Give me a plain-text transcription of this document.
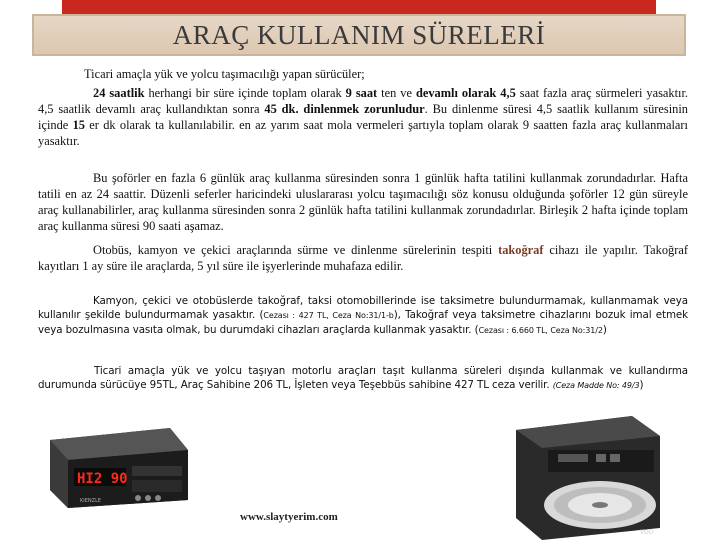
ARAÇ KULLANIM SÜRELERİ
Ticari amaçla yük ve yolcu taşımacılığı yapan sürücüler;
24 saatlik herhangi bir süre içinde toplam olarak 9 saat ten ve devamlı olarak 4,5 saat fazla araç sürmeleri yasaktır. 4,5 saatlik devamlı araç kullandıktan sonra 45 dk. dinlenmek zorunludur. Bu dinlenme süresi 4,5 saatlik kullanım süresinin içinde 15 er dk olarak ta kullanılabilir. en az yarım saat mola vermeleri şartıyla toplam olarak 9 saatten fazla araç kullanmaları yasaktır.
Bu şoförler en fazla 6 günlük araç kullanma süresinden sonra 1 günlük hafta tatilini kullanmak zorundadırlar. Hafta tatili en az 24 saattir. Düzenli seferler haricindeki uluslararası yolcu taşımacılığı söz konusu olduğunda şoförler 12 gün süreyle araç kullanabilirler, araç kullanma süresinden sonra 2 günlük hafta tatilini kullanmak zorundadırlar. Birleşik 2 hafta içinde toplam araç kullanma süresi 90 saati aşamaz.
Otobüs, kamyon ve çekici araçlarında sürme ve dinlenme sürelerinin tespiti takoğraf cihazı ile yapılır. Takoğraf kayıtları 1 ay süre ile araçlarda, 5 yıl süre ile işyerlerinde muhafaza edilir.
Kamyon, çekici ve otobüslerde takoğraf, taksi otomobillerinde ise taksimetre bulundurmamak, kullanmamak veya kullanılır şekilde bulundurmamak yasaktır. (Cezası : 427 TL, Ceza No:31/1-b), Takoğraf veya taksimetre cihazlarını bozuk imal etmek veya bozulmasına vasıta olmak, bu durumdaki cihazları araçlarda kullanmak yasaktır. (Cezası : 6.660 TL, Ceza No:31/2)
Ticari amaçla yük ve yolcu taşıyan motorlu araçları taşıt kullanma süreleri dışında kullanmak ve kullandırma durumunda sürücüye 95TL, Araç Sahibine 206 TL, İşleten veya Teşebbüs sahibine 427 TL ceza verilir. (Ceza Madde No: 49/3)
HI2 90
KIENZLE
VDO
www.slaytyerim.com
